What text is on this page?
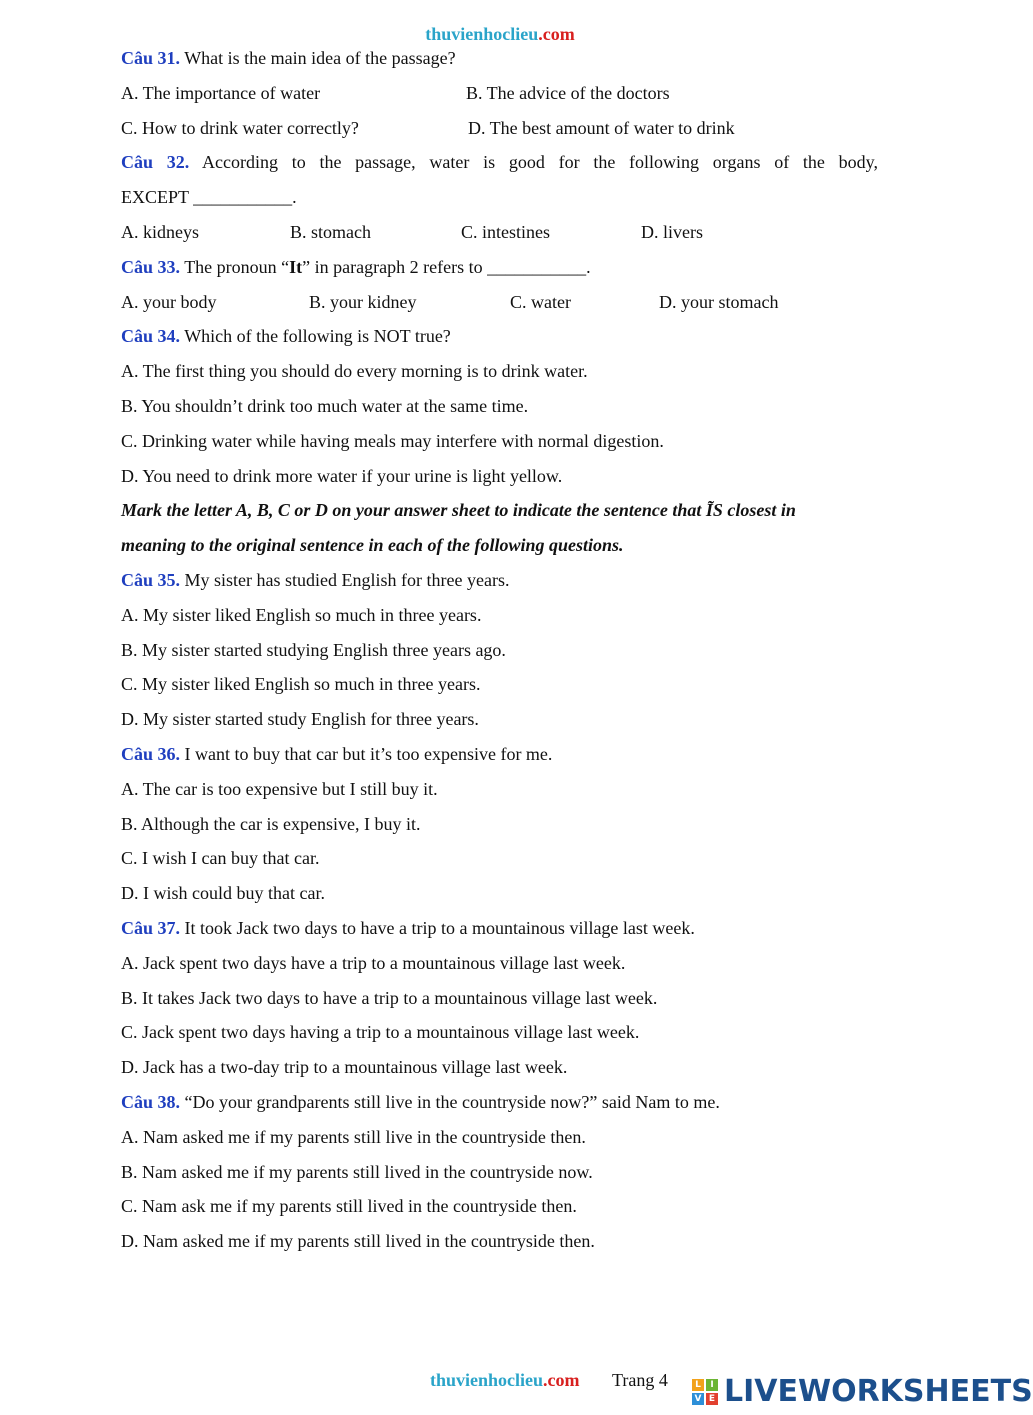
thuvienhoclieu.com
Câu 31. What is the main idea of the passage?
A. The importance of water	B. The advice of the doctors
C. How to drink water correctly?	D. The best amount of water to drink
Câu 32. According to the passage, water is good for the following organs of the body,
EXCEPT ___________.
A. kidneys	B. stomach	C. intestines	D. livers
Câu 33. The pronoun “It” in paragraph 2 refers to ___________.
A. your body	B. your kidney	C. water	D. your stomach
Câu 34. Which of the following is NOT true?
A. The first thing you should do every morning is to drink water.
B. You shouldn’t drink too much water at the same time.
C. Drinking water while having meals may interfere with normal digestion.
D. You need to drink more water if your urine is light yellow.
Mark the letter A, B, C or D on your answer sheet to indicate the sentence that ĨS closest in
meaning to the original sentence in each of the following questions.
Câu 35. My sister has studied English for three years.
A. My sister liked English so much in three years.
B. My sister started studying English three years ago.
C. My sister liked English so much in three years.
D. My sister started study English for three years.
Câu 36. I want to buy that car but it’s too expensive for me.
A. The car is too expensive but I still buy it.
B. Although the car is expensive, I buy it.
C. I wish I can buy that car.
D. I wish could buy that car.
Câu 37. It took Jack two days to have a trip to a mountainous village last week.
A. Jack spent two days have a trip to a mountainous village last week.
B. It takes Jack two days to have a trip to a mountainous village last week.
C. Jack spent two days having a trip to a mountainous village last week.
D. Jack has a two-day trip to a mountainous village last week.
Câu 38. “Do your grandparents still live in the countryside now?” said Nam to me.
A. Nam asked me if my parents still live in the countryside then.
B. Nam asked me if my parents still lived in the countryside now.
C. Nam ask me if my parents still lived in the countryside then.
D. Nam asked me if my parents still lived in the countryside then.
thuvienhoclieu.com Trang 4	L	I
V E LIVEWORKSHEETS
